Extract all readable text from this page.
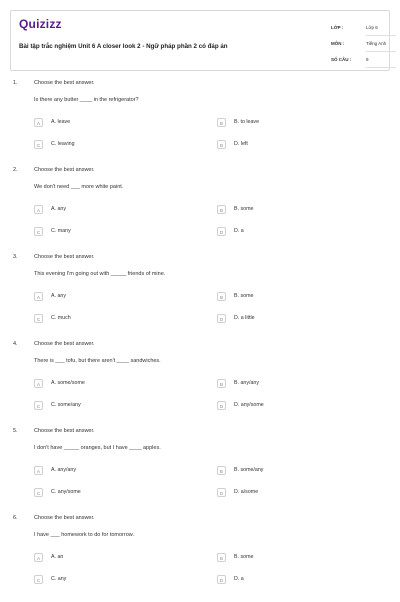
Quizizz
Bài tập trắc nghiệm Unit 6 A closer look 2 - Ngữ pháp phần 2 có đáp án
LỚP :	Lớp 6
MÔN :	Tiếng Anh
SỐ CÂU :	9
1.	Choose the best answer.
Is there any butter ____ in the refrigerator?
A	A. leave	B	B. to leave
C	C. leaving	D	D. left
2.	Choose the best answer.
We don't need ___ more white paint.
A	A. any	B	B. some
C	C. many	D	D. a
3.	Choose the best answer.
This evening I'm going out with _____ friends of mine.
A	A. any	B	B. some
C	C. much	D	D. a little
4.	Choose the best answer.
There is ___ tofu, but there aren't ____ sandwiches.
A	A. some/some	B	B. any/any
C	C. some/any	D	D. any/some
5.	Choose the best answer.
I don't have _____ oranges, but I have ____ apples.
A	A. any/any	B	B. some/any
C	C. any/some	D	D. a/some
6.	Choose the best answer.
I have ___ homework to do for tomorrow.
A	A. an	B	B. some
C	C. any	D	D. a
